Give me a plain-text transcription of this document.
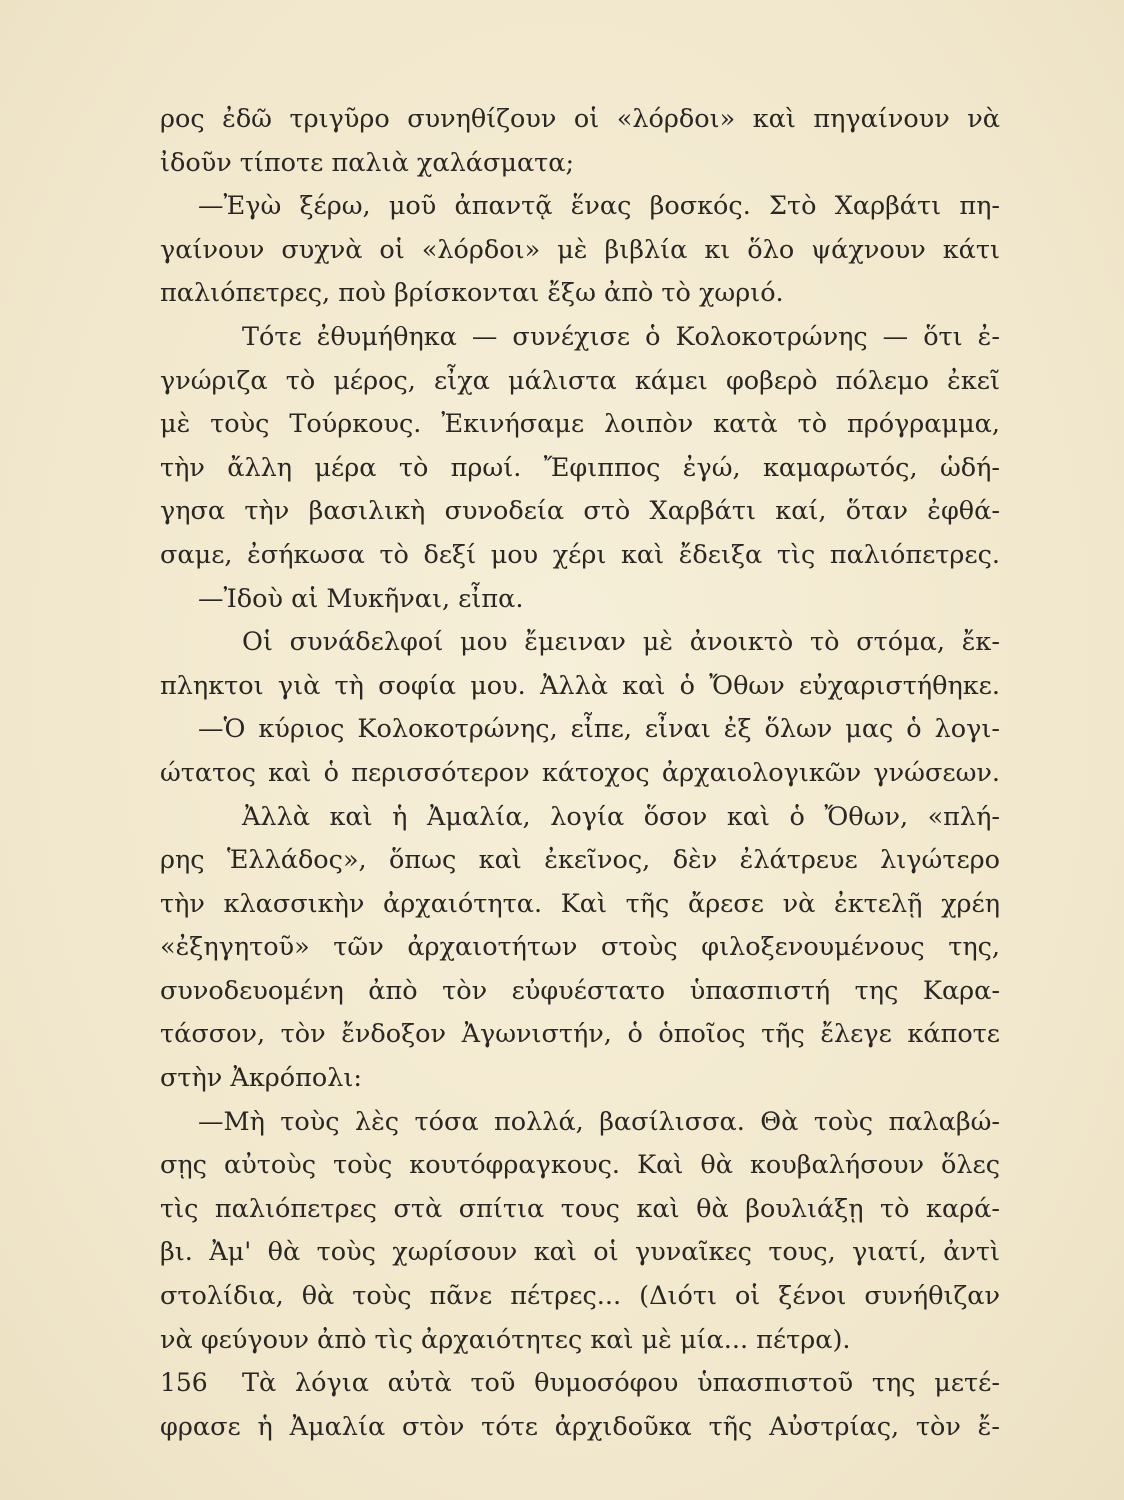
ρος ἐδῶ τριγῦρο συνηθίζουν οἱ «λόρδοι» καὶ πηγαίνουν νὰ
ἰδοῦν τίποτε παλιὰ χαλάσματα;
—Ἐγὼ ξέρω, μοῦ ἀπαντᾷ ἕνας βοσκός. Στὸ Χαρβάτι πη-
γαίνουν συχνὰ οἱ «λόρδοι» μὲ βιβλία κι ὅλο ψάχνουν κάτι
παλιόπετρες, ποὺ βρίσκονται ἔξω ἀπὸ τὸ χωριό.
Τότε ἐθυμήθηκα — συνέχισε ὁ Κολοκοτρώνης — ὅτι ἐ-
γνώριζα τὸ μέρος, εἶχα μάλιστα κάμει φοβερὸ πόλεμο ἐκεῖ
μὲ τοὺς Τούρκους. Ἐκινήσαμε λοιπὸν κατὰ τὸ πρόγραμμα,
τὴν ἄλλη μέρα τὸ πρωί. Ἔφιππος ἐγώ, καμαρωτός, ὡδή-
γησα τὴν βασιλικὴ συνοδεία στὸ Χαρβάτι καί, ὅταν ἐφθά-
σαμε, ἐσήκωσα τὸ δεξί μου χέρι καὶ ἔδειξα τὶς παλιόπετρες.
—Ἰδοὺ αἱ Μυκῆναι, εἶπα.
Οἱ συνάδελφοί μου ἔμειναν μὲ ἀνοικτὸ τὸ στόμα, ἔκ-
πληκτοι γιὰ τὴ σοφία μου. Ἀλλὰ καὶ ὁ Ὄθων εὐχαριστήθηκε.
—Ὁ κύριος Κολοκοτρώνης, εἶπε, εἶναι ἐξ ὅλων μας ὁ λογι-
ώτατος καὶ ὁ περισσότερον κάτοχος ἀρχαιολογικῶν γνώσεων.
Ἀλλὰ καὶ ἡ Ἀμαλία, λογία ὅσον καὶ ὁ Ὄθων, «πλή-
ρης Ἑλλάδος», ὅπως καὶ ἐκεῖνος, δὲν ἐλάτρευε λιγώτερο
τὴν κλασσικὴν ἀρχαιότητα. Καὶ τῆς ἄρεσε νὰ ἐκτελῇ χρέη
«ἐξηγητοῦ» τῶν ἀρχαιοτήτων στοὺς φιλοξενουμένους της,
συνοδευομένη ἀπὸ τὸν εὐφυέστατο ὑπασπιστή της Καρα-
τάσσον, τὸν ἔνδοξον Ἀγωνιστήν, ὁ ὁποῖος τῆς ἔλεγε κάποτε
στὴν Ἀκρόπολι:
—Μὴ τοὺς λὲς τόσα πολλά, βασίλισσα. Θὰ τοὺς παλαβώ-
σῃς αὐτοὺς τοὺς κουτόφραγκους. Καὶ θὰ κουβαλήσουν ὅλες
τὶς παλιόπετρες στὰ σπίτια τους καὶ θὰ βουλιάξῃ τὸ καρά-
βι. Ἀμ' θὰ τοὺς χωρίσουν καὶ οἱ γυναῖκες τους, γιατί, ἀντὶ
στολίδια, θὰ τοὺς πᾶνε πέτρες... (Διότι οἱ ξένοι συνήθιζαν
νὰ φεύγουν ἀπὸ τὶς ἀρχαιότητες καὶ μὲ μία... πέτρα).
Τὰ λόγια αὐτὰ τοῦ θυμοσόφου ὑπασπιστοῦ της μετέ-
φρασε ἡ Ἀμαλία στὸν τότε ἀρχιδοῦκα τῆς Αὐστρίας, τὸν ἔ-
156
